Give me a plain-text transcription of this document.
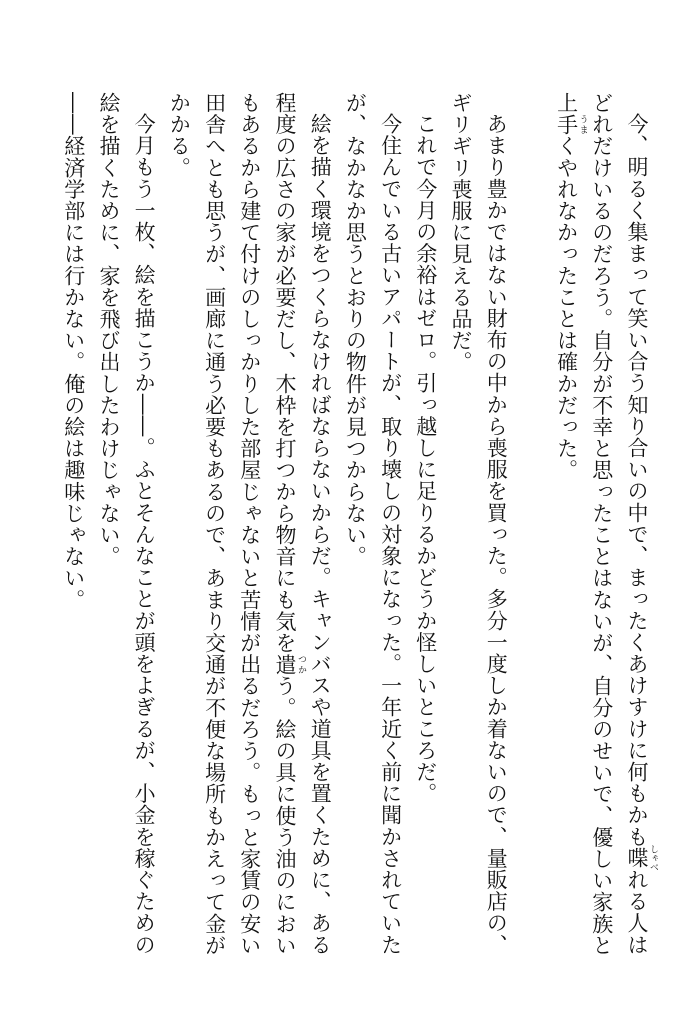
今、明るく集まって笑い合う知り合いの中で、まったくあけすけに何もかも喋 しゃべれる人はどれだけいるのだろう。自分が不幸と思ったことはないが、自分のせいで、優しい家族と上手 うまくやれなかったことは確かだった。

あまり豊かではない財布の中から喪服を買った。多分一度しか着ないので、量販店の、ギリギリ喪服に見える品だ。

これで今月の余裕はゼロ。引っ越しに足りるかどうか怪しいところだ。

今住んでいる古いアパートが、取り壊しの対象になった。一年近く前に聞かされていたが、なかなか思うとおりの物件が見つからない。

絵を描く環境をつくらなければならないからだ。キャンバスや道具を置くために、ある程度の広さの家が必要だし、木枠を打つから物音にも気を遣 つかう。絵の具に使う油のにおいもあるから建て付けのしっかりした部屋じゃないと苦情が出るだろう。もっと家賃の安い田舎へとも思うが、画廊に通う必要もあるので、あまり交通が不便な場所もかえって金がかかる。

今月もう一枚、絵を描こうか――。ふとそんなことが頭をよぎるが、小金を稼ぐための絵を描くために、家を飛び出したわけじゃない。

――経済学部には行かない。俺の絵は趣味じゃない。
